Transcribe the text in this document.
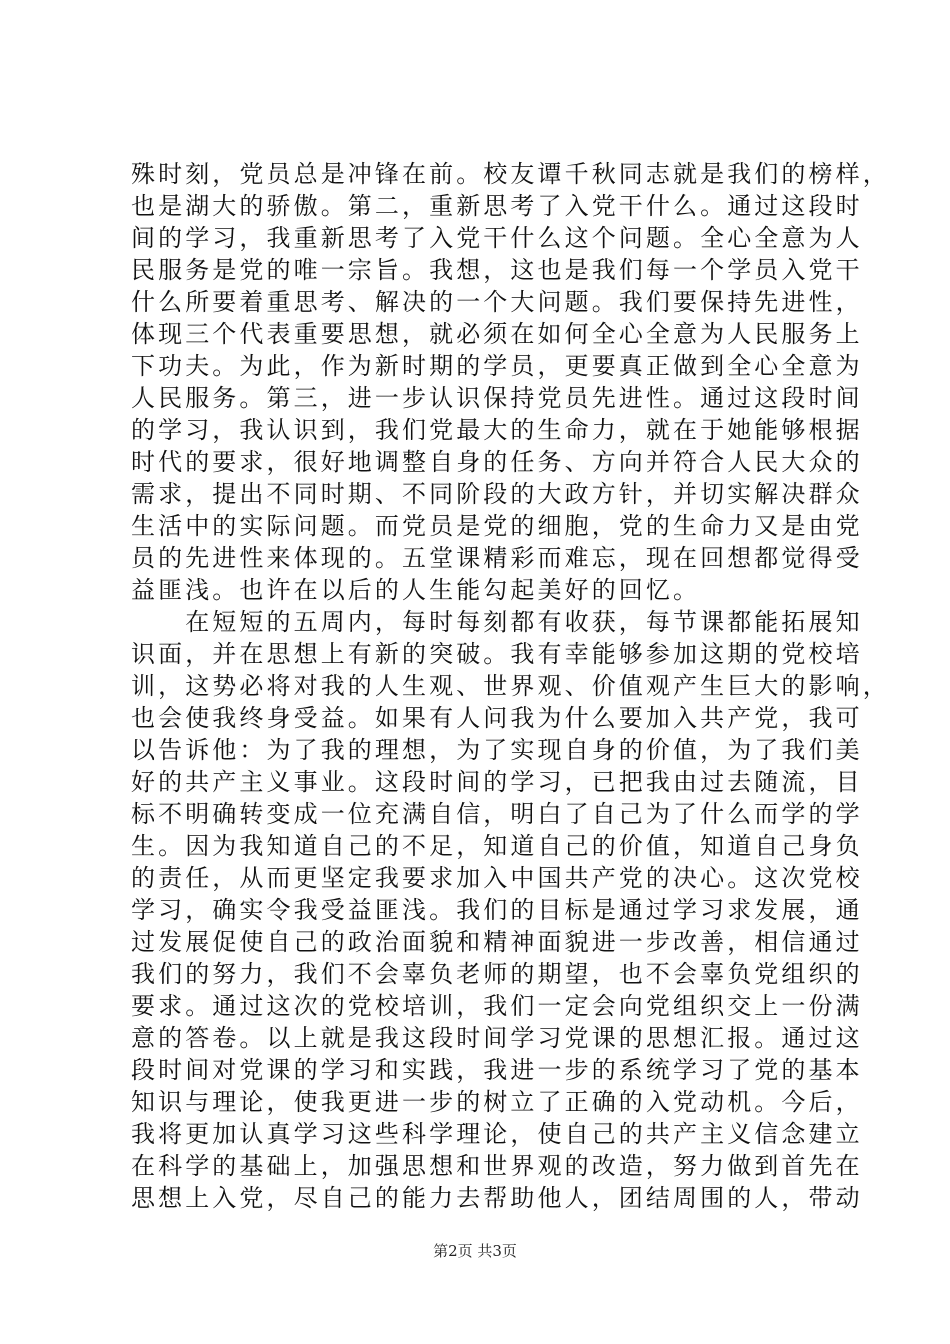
殊时刻，党员总是冲锋在前。校友谭千秋同志就是我们的榜样，
也是湖大的骄傲。第二，重新思考了入党干什么。通过这段时
间的学习，我重新思考了入党干什么这个问题。全心全意为人
民服务是党的唯一宗旨。我想，这也是我们每一个学员入党干
什么所要着重思考、解决的一个大问题。我们要保持先进性，
体现三个代表重要思想，就必须在如何全心全意为人民服务上
下功夫。为此，作为新时期的学员，更要真正做到全心全意为
人民服务。第三，进一步认识保持党员先进性。通过这段时间
的学习，我认识到，我们党最大的生命力，就在于她能够根据
时代的要求，很好地调整自身的任务、方向并符合人民大众的
需求，提出不同时期、不同阶段的大政方针，并切实解决群众
生活中的实际问题。而党员是党的细胞，党的生命力又是由党
员的先进性来体现的。五堂课精彩而难忘，现在回想都觉得受
益匪浅。也许在以后的人生能勾起美好的回忆。
　　在短短的五周内，每时每刻都有收获，每节课都能拓展知
识面，并在思想上有新的突破。我有幸能够参加这期的党校培
训，这势必将对我的人生观、世界观、价值观产生巨大的影响，
也会使我终身受益。如果有人问我为什么要加入共产党，我可
以告诉他：为了我的理想，为了实现自身的价值，为了我们美
好的共产主义事业。这段时间的学习，已把我由过去随流，目
标不明确转变成一位充满自信，明白了自己为了什么而学的学
生。因为我知道自己的不足，知道自己的价值，知道自己身负
的责任，从而更坚定我要求加入中国共产党的决心。这次党校
学习，确实令我受益匪浅。我们的目标是通过学习求发展，通
过发展促使自己的政治面貌和精神面貌进一步改善，相信通过
我们的努力，我们不会辜负老师的期望，也不会辜负党组织的
要求。通过这次的党校培训，我们一定会向党组织交上一份满
意的答卷。以上就是我这段时间学习党课的思想汇报。通过这
段时间对党课的学习和实践，我进一步的系统学习了党的基本
知识与理论，使我更进一步的树立了正确的入党动机。今后，
我将更加认真学习这些科学理论，使自己的共产主义信念建立
在科学的基础上，加强思想和世界观的改造，努力做到首先在
思想上入党，尽自己的能力去帮助他人，团结周围的人，带动
第2页 共3页
